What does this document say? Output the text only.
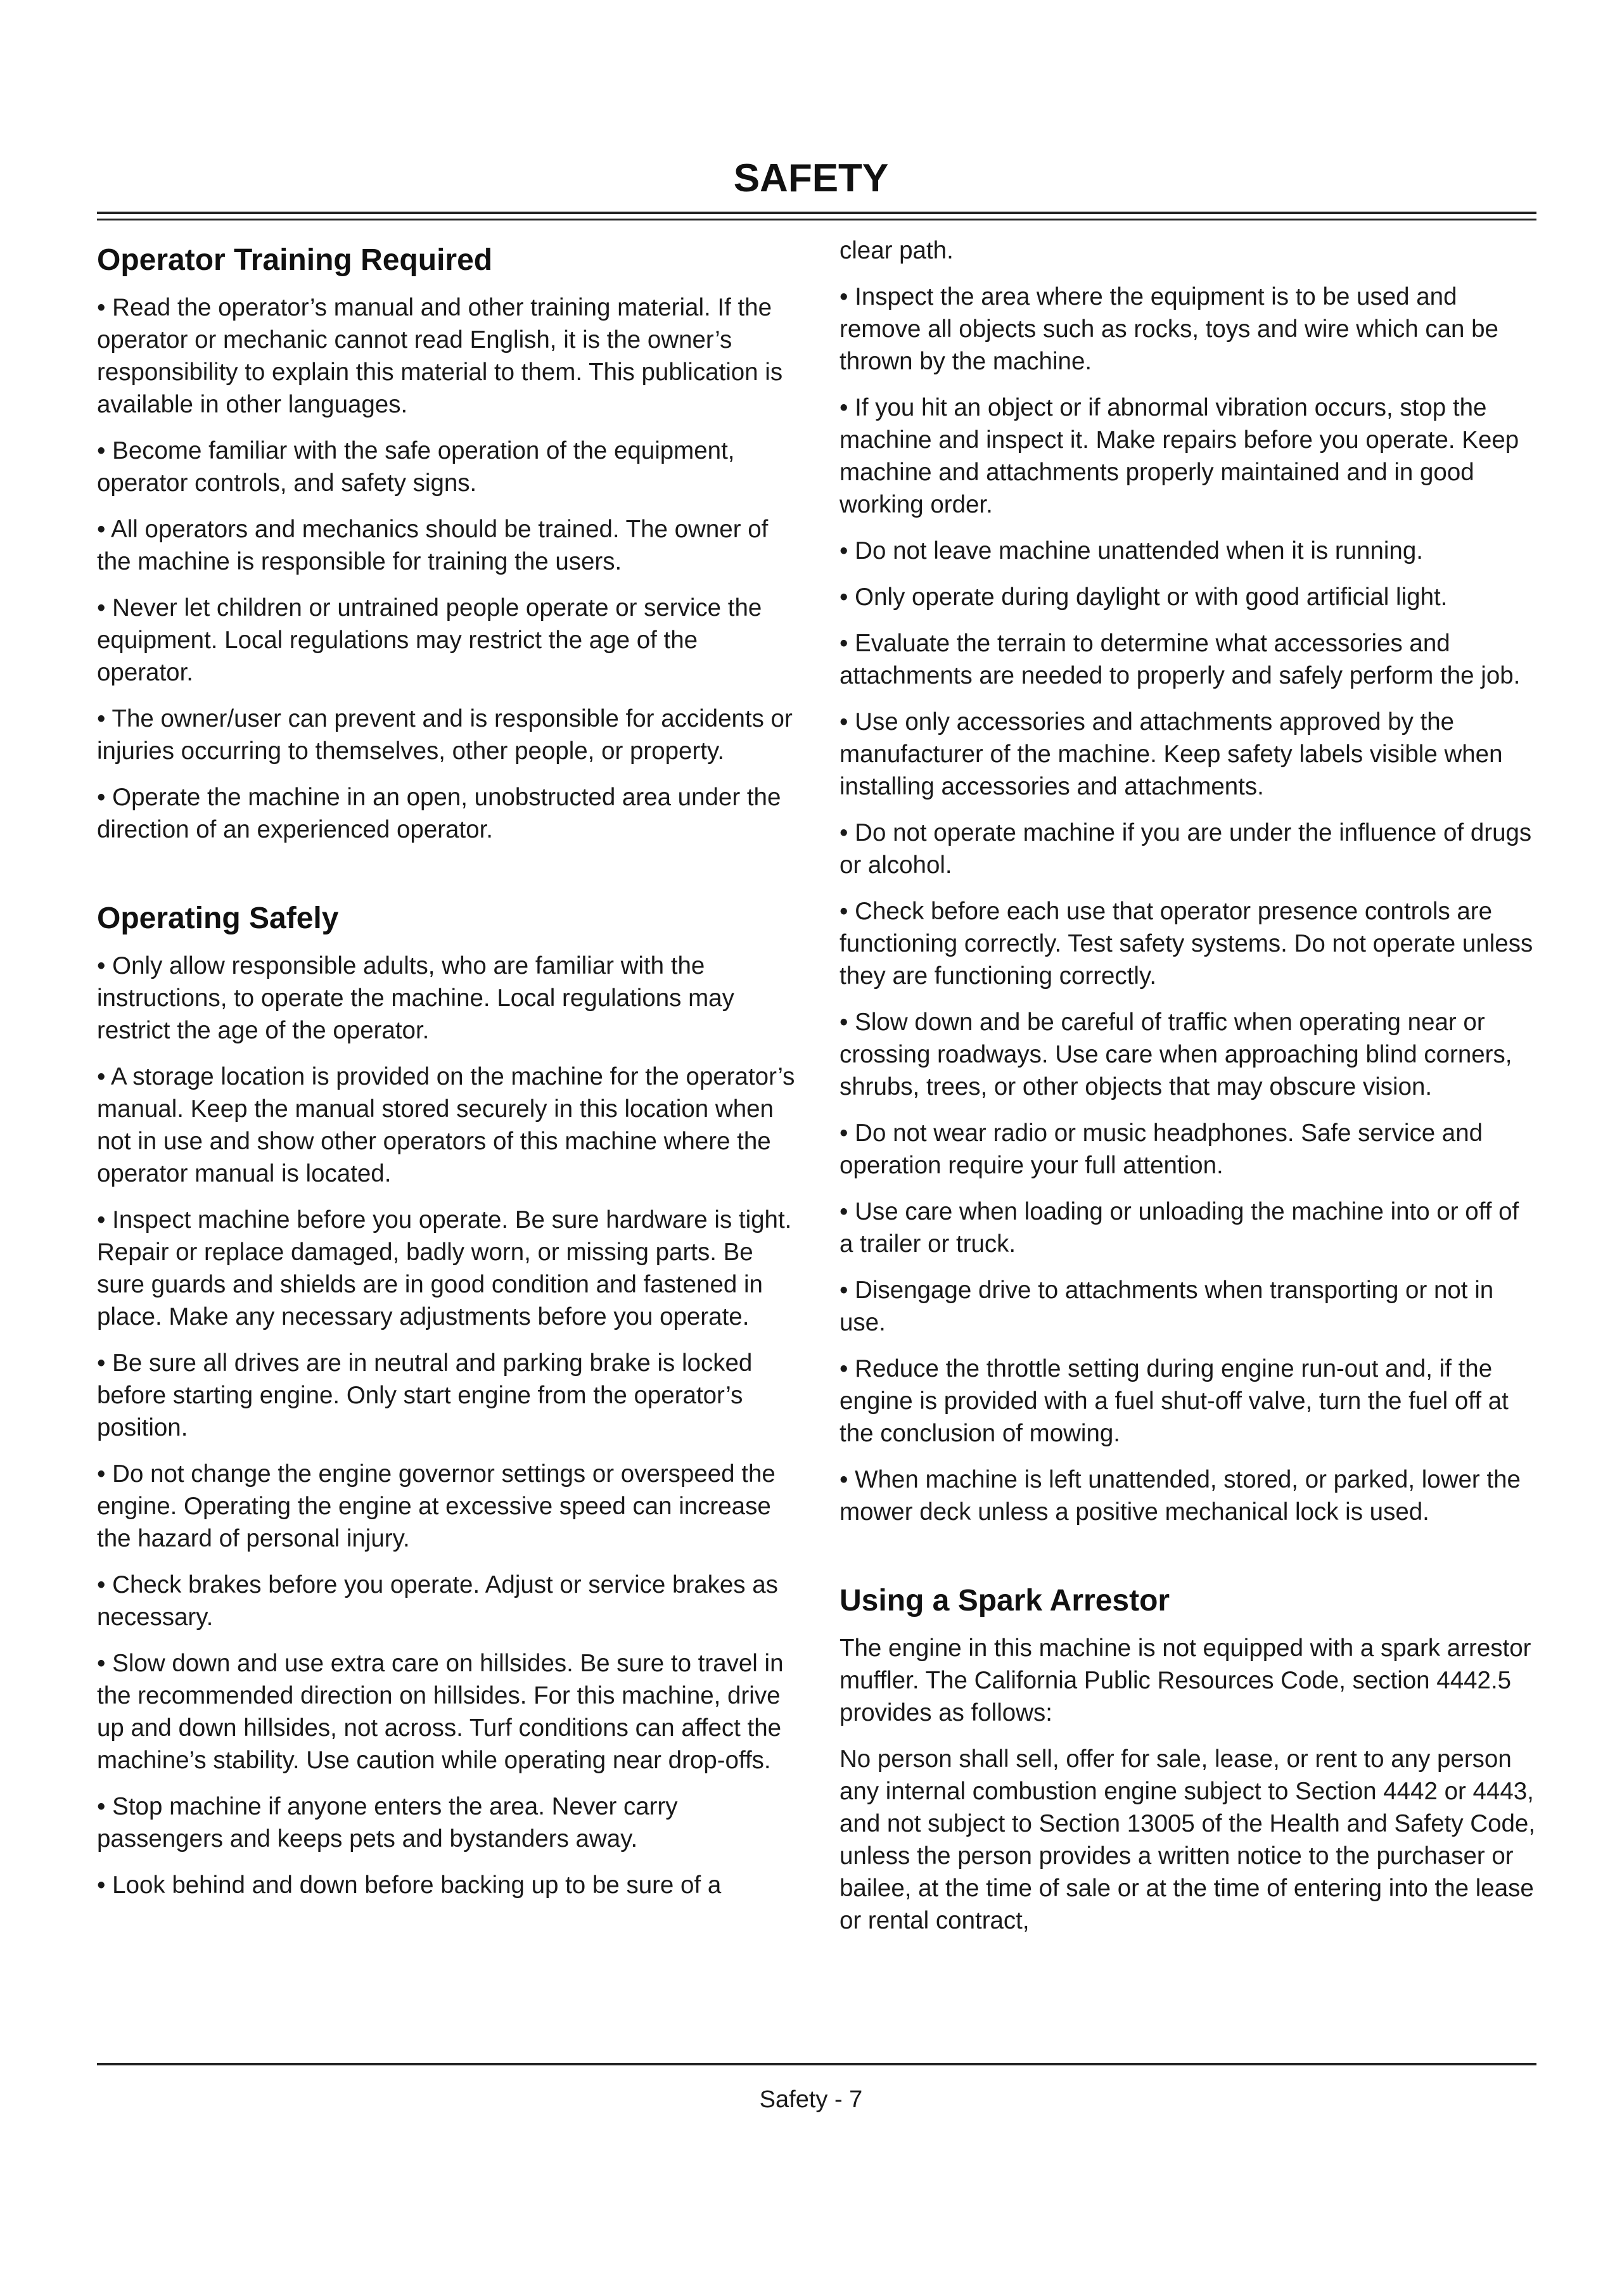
SAFETY
Operator Training Required

• Read the operator’s manual and other training material. If the operator or mechanic cannot read English, it is the owner’s responsibility to explain this material to them. This publication is available in other languages.

• Become familiar with the safe operation of the equipment, operator controls, and safety signs.

• All operators and mechanics should be trained. The owner of the machine is responsible for training the users.

• Never let children or untrained people operate or service the equipment. Local regulations may restrict the age of the operator.

• The owner/user can prevent and is responsible for accidents or injuries occurring to themselves, other people, or property.

• Operate the machine in an open, unobstructed area under the direction of an experienced operator.

Operating Safely

• Only allow responsible adults, who are familiar with the instructions, to operate the machine. Local regulations may restrict the age of the operator.

• A storage location is provided on the machine for the operator’s manual. Keep the manual stored securely in this location when not in use and show other operators of this machine where the operator manual is located.

• Inspect machine before you operate. Be sure hardware is tight. Repair or replace damaged, badly worn, or missing parts. Be sure guards and shields are in good condition and fastened in place. Make any necessary adjustments before you operate.

• Be sure all drives are in neutral and parking brake is locked before starting engine. Only start engine from the operator’s position.

• Do not change the engine governor settings or overspeed the engine. Operating the engine at excessive speed can increase the hazard of personal injury.

• Check brakes before you operate. Adjust or service brakes as necessary.

• Slow down and use extra care on hillsides. Be sure to travel in the recommended direction on hillsides. For this machine, drive up and down hillsides, not across. Turf conditions can affect the machine’s stability. Use caution while operating near drop-offs.

• Stop machine if anyone enters the area. Never carry passengers and keeps pets and bystanders away.

• Look behind and down before backing up to be sure of a

clear path.

• Inspect the area where the equipment is to be used and remove all objects such as rocks, toys and wire which can be thrown by the machine.

• If you hit an object or if abnormal vibration occurs, stop the machine and inspect it. Make repairs before you operate. Keep machine and attachments properly maintained and in good working order.

• Do not leave machine unattended when it is running.

• Only operate during daylight or with good artificial light.

• Evaluate the terrain to determine what accessories and attachments are needed to properly and safely perform the job.

• Use only accessories and attachments approved by the manufacturer of the machine. Keep safety labels visible when installing accessories and attachments.

• Do not operate machine if you are under the influence of drugs or alcohol.

• Check before each use that operator presence controls are functioning correctly. Test safety systems. Do not operate unless they are functioning correctly.

• Slow down and be careful of traffic when operating near or crossing roadways. Use care when approaching blind corners, shrubs, trees, or other objects that may obscure vision.

• Do not wear radio or music headphones. Safe service and operation require your full attention.

• Use care when loading or unloading the machine into or off of a trailer or truck.

• Disengage drive to attachments when transporting or not in use.

• Reduce the throttle setting during engine run-out and, if the engine is provided with a fuel shut-off valve, turn the fuel off at the conclusion of mowing.

• When machine is left unattended, stored, or parked, lower the mower deck unless a positive mechanical lock is used.

Using a Spark Arrestor

The engine in this machine is not equipped with a spark arrestor muffler. The California Public Resources Code, section 4442.5 provides as follows:

No person shall sell, offer for sale, lease, or rent to any person any internal combustion engine subject to Section 4442 or 4443, and not subject to Section 13005 of the Health and Safety Code, unless the person provides a written notice to the purchaser or bailee, at the time of sale or at the time of entering into the lease or rental contract,

Safety - 7
